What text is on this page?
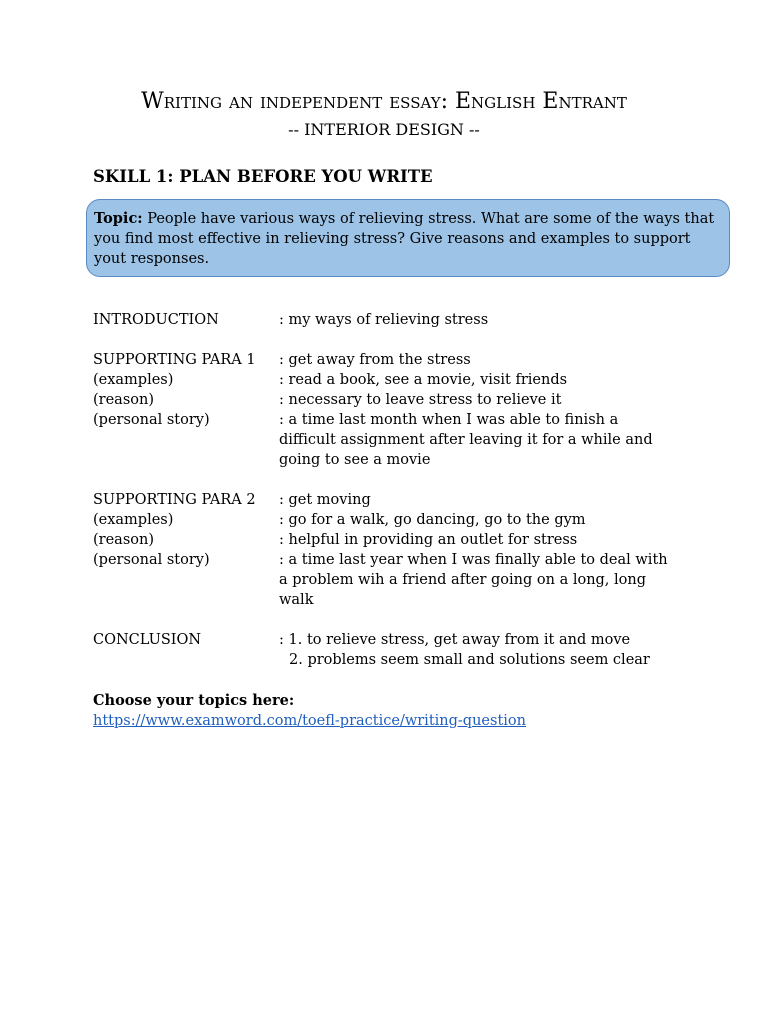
Writing an independent essay: English Entrant
-- INTERIOR DESIGN --
SKILL 1: PLAN BEFORE YOU WRITE
Topic: People have various ways of relieving stress. What are some of the ways that you find most effective in relieving stress? Give reasons and examples to support yout responses.
INTRODUCTION	: my ways of relieving stress
SUPPORTING PARA 1	: get away from the stress
(examples)	: read a book, see a movie, visit friends
(reason)	: necessary to leave stress to relieve it
(personal story)	: a time last month when I was able to finish a difficult assignment after leaving it for a while and going to see a movie
SUPPORTING PARA 2	: get moving
(examples)	: go for a walk, go dancing, go to the gym
(reason)	: helpful in providing an outlet for stress
(personal story)	: a time last year when I was finally able to deal with a problem wih a friend after going on a long, long walk
CONCLUSION	: 1. to relieve stress, get away from it and move
2. problems seem small and solutions seem clear
Choose your topics here:
https://www.examword.com/toefl-practice/writing-question
